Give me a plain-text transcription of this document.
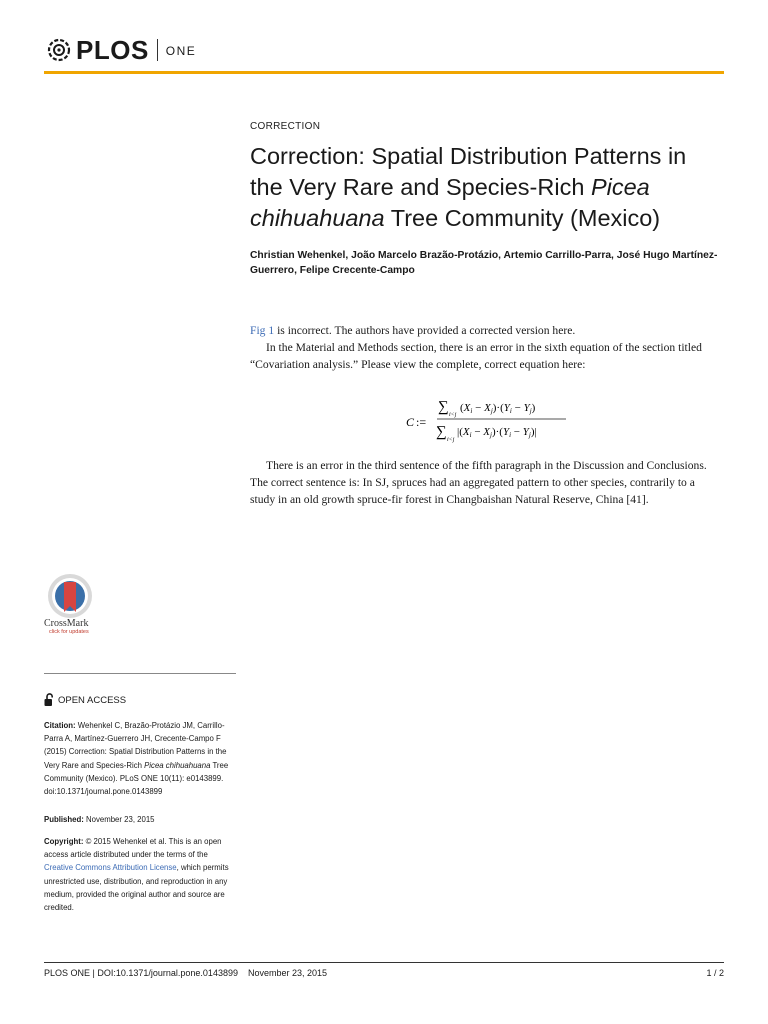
PLOS ONE
CORRECTION
Correction: Spatial Distribution Patterns in the Very Rare and Species-Rich Picea chihuahuana Tree Community (Mexico)
Christian Wehenkel, João Marcelo Brazão-Protázio, Artemio Carrillo-Parra, José Hugo Martínez-Guerrero, Felipe Crecente-Campo
Fig 1 is incorrect. The authors have provided a corrected version here.
In the Material and Methods section, there is an error in the sixth equation of the section titled “Covariation analysis.” Please view the complete, correct equation here:
C :=
∑ i<j
(Xi − Xj)·(Yi − Yj)
∑ i<j
|(Xi − Xj)·(Yi − Yj)|
There is an error in the third sentence of the fifth paragraph in the Discussion and Conclusions. The correct sentence is: In SJ, spruces had an aggregated pattern to other species, contrarily to a study in an old growth spruce-fir forest in Changbaishan Natural Reserve, China [41].
CrossMark
click for updates
OPEN ACCESS
Citation: Wehenkel C, Brazão-Protázio JM, Carrillo-Parra A, Martínez-Guerrero JH, Crecente-Campo F (2015) Correction: Spatial Distribution Patterns in the Very Rare and Species-Rich Picea chihuahuana Tree Community (Mexico). PLoS ONE 10(11): e0143899. doi:10.1371/journal.pone.0143899
Published: November 23, 2015
Copyright: © 2015 Wehenkel et al. This is an open access article distributed under the terms of the Creative Commons Attribution License, which permits unrestricted use, distribution, and reproduction in any medium, provided the original author and source are credited.
PLOS ONE | DOI:10.1371/journal.pone.0143899    November 23, 2015	1 / 2
